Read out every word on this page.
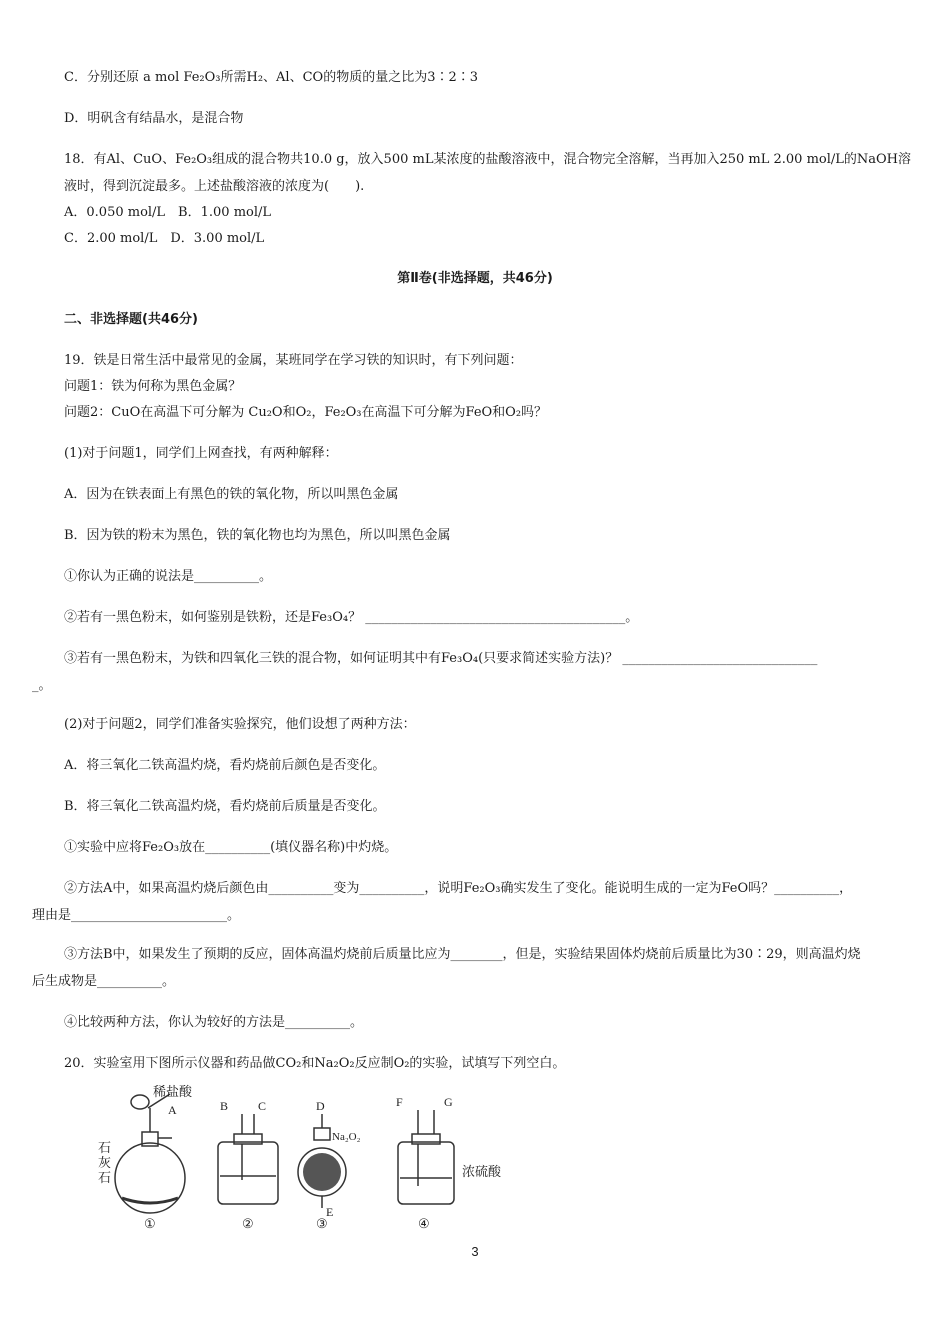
C．分别还原 a mol Fe₂O₃所需H₂、Al、CO的物质的量之比为3∶2∶3
D．明矾含有结晶水，是混合物
18．有Al、CuO、Fe₂O₃组成的混合物共10.0 g，放入500 mL某浓度的盐酸溶液中，混合物完全溶解，当再加入250 mL 2.00 mol/L的NaOH溶
液时，得到沉淀最多。上述盐酸溶液的浓度为(　　).
A．0.050 mol/L　B．1.00 mol/L
C．2.00 mol/L　D．3.00 mol/L
第Ⅱ卷(非选择题，共46分)
二、非选择题(共46分)
19．铁是日常生活中最常见的金属，某班同学在学习铁的知识时，有下列问题：
问题1：铁为何称为黑色金属？
问题2：CuO在高温下可分解为 Cu₂O和O₂，Fe₂O₃在高温下可分解为FeO和O₂吗？
(1)对于问题1，同学们上网查找，有两种解释：
A．因为在铁表面上有黑色的铁的氧化物，所以叫黑色金属
B．因为铁的粉末为黑色，铁的氧化物也均为黑色，所以叫黑色金属
①你认为正确的说法是__________。
②若有一黑色粉末，如何鉴别是铁粉，还是Fe₃O₄？ ________________________________________。
③若有一黑色粉末，为铁和四氧化三铁的混合物，如何证明其中有Fe₃O₄(只要求简述实验方法)？ ______________________________
_。
(2)对于问题2，同学们准备实验探究，他们设想了两种方法：
A．将三氧化二铁高温灼烧，看灼烧前后颜色是否变化。
B．将三氧化二铁高温灼烧，看灼烧前后质量是否变化。
①实验中应将Fe₂O₃放在__________(填仪器名称)中灼烧。
②方法A中，如果高温灼烧后颜色由__________变为__________，说明Fe₂O₃确实发生了变化。能说明生成的一定为FeO吗？__________，
理由是________________________。
③方法B中，如果发生了预期的反应，固体高温灼烧前后质量比应为________，但是，实验结果固体灼烧前后质量比为30∶29，则高温灼烧
后生成物是__________。
④比较两种方法，你认为较好的方法是__________。
20．实验室用下图所示仪器和药品做CO₂和Na₂O₂反应制O₂的实验，试填写下列空白。
稀盐酸
A
石
灰
石
①
B C
②
D
Na₂O₂
E
③
F	G
浓硫酸
④
3
